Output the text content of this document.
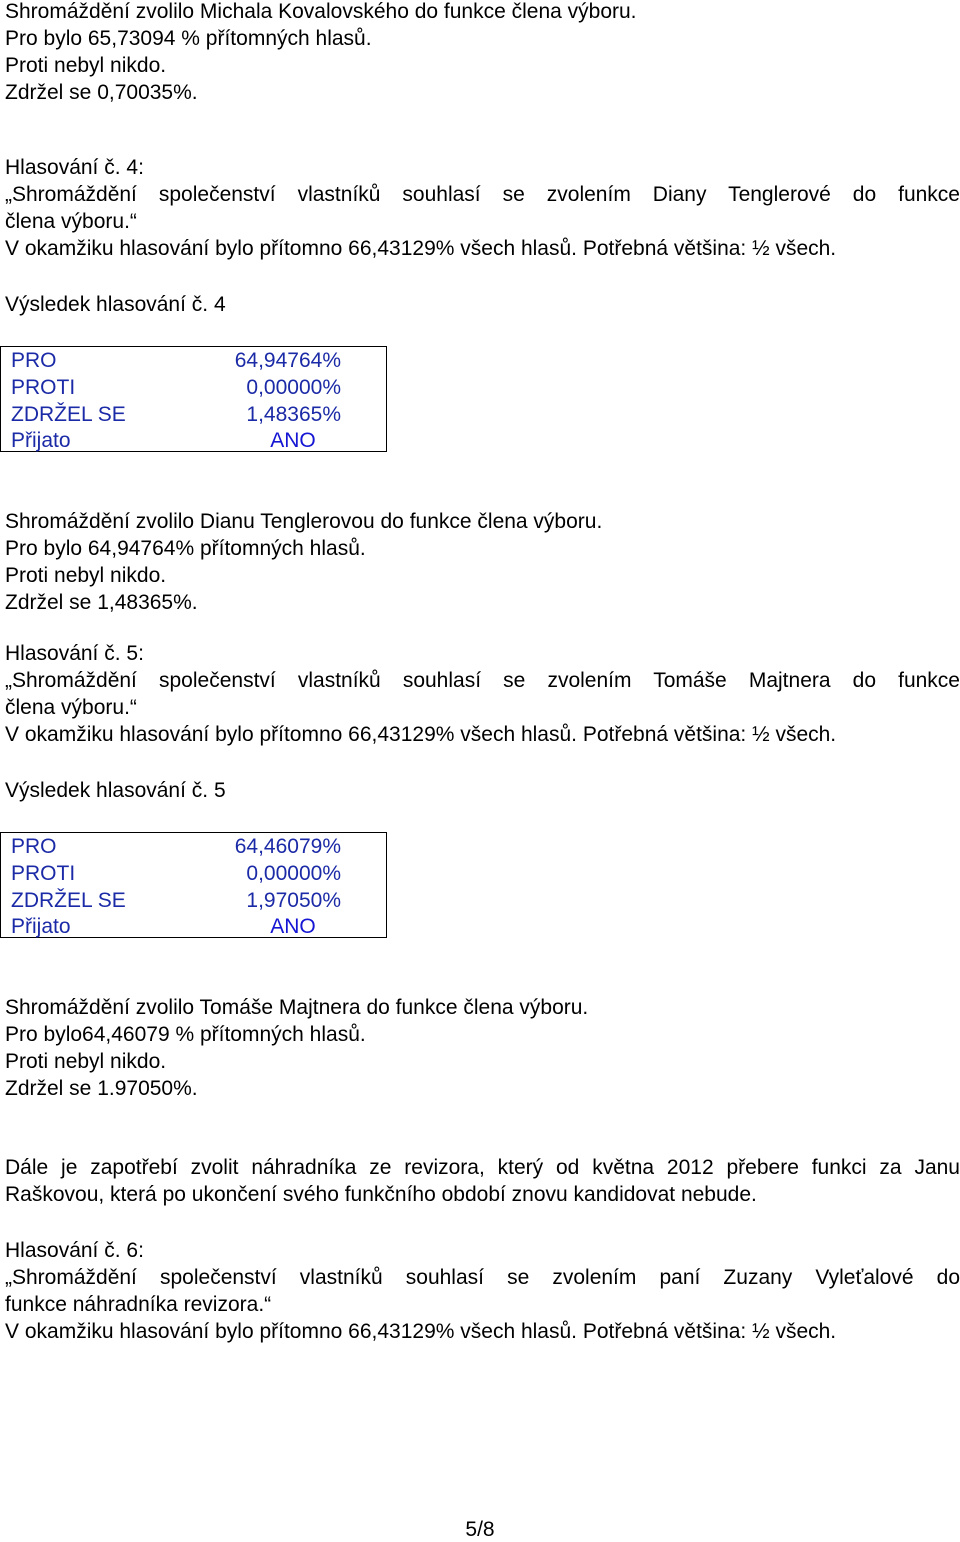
Shromáždění zvolilo Michala Kovalovského do funkce člena výboru.

Pro bylo 65,73094 % přítomných hlasů.

Proti nebyl nikdo.

Zdržel se 0,70035%.

Hlasování č. 4:

„Shromáždění společenství vlastníků souhlasí se zvolením Diany Tenglerové do funkce

člena výboru.“

V okamžiku hlasování bylo přítomno 66,43129% všech hlasů. Potřebná většina: ½ všech.

Výsledek hlasování č. 4

PRO	64,94764%
PROTI	0,00000%
ZDRŽEL SE	1,48365%
Přijato	ANO

Shromáždění zvolilo Dianu Tenglerovou do funkce člena výboru.

Pro bylo 64,94764% přítomných hlasů.

Proti nebyl nikdo.

Zdržel se 1,48365%.

Hlasování č. 5:

„Shromáždění společenství vlastníků souhlasí se zvolením Tomáše Majtnera do funkce

člena výboru.“

V okamžiku hlasování bylo přítomno 66,43129% všech hlasů. Potřebná většina: ½ všech.

Výsledek hlasování č. 5

PRO	64,46079%
PROTI	0,00000%
ZDRŽEL SE	1,97050%
Přijato	ANO

Shromáždění zvolilo Tomáše Majtnera do funkce člena výboru.

Pro bylo64,46079 % přítomných hlasů.

Proti nebyl nikdo.

Zdržel se 1.97050%.

Dále je zapotřebí zvolit náhradníka ze revizora, který od května 2012 přebere funkci za Janu

Raškovou, která po ukončení svého funkčního období znovu kandidovat nebude.

Hlasování č. 6:

„Shromáždění společenství vlastníků souhlasí se zvolením paní Zuzany Vyleťalové do

funkce náhradníka revizora.“

V okamžiku hlasování bylo přítomno 66,43129% všech hlasů. Potřebná většina: ½ všech.

5/8
